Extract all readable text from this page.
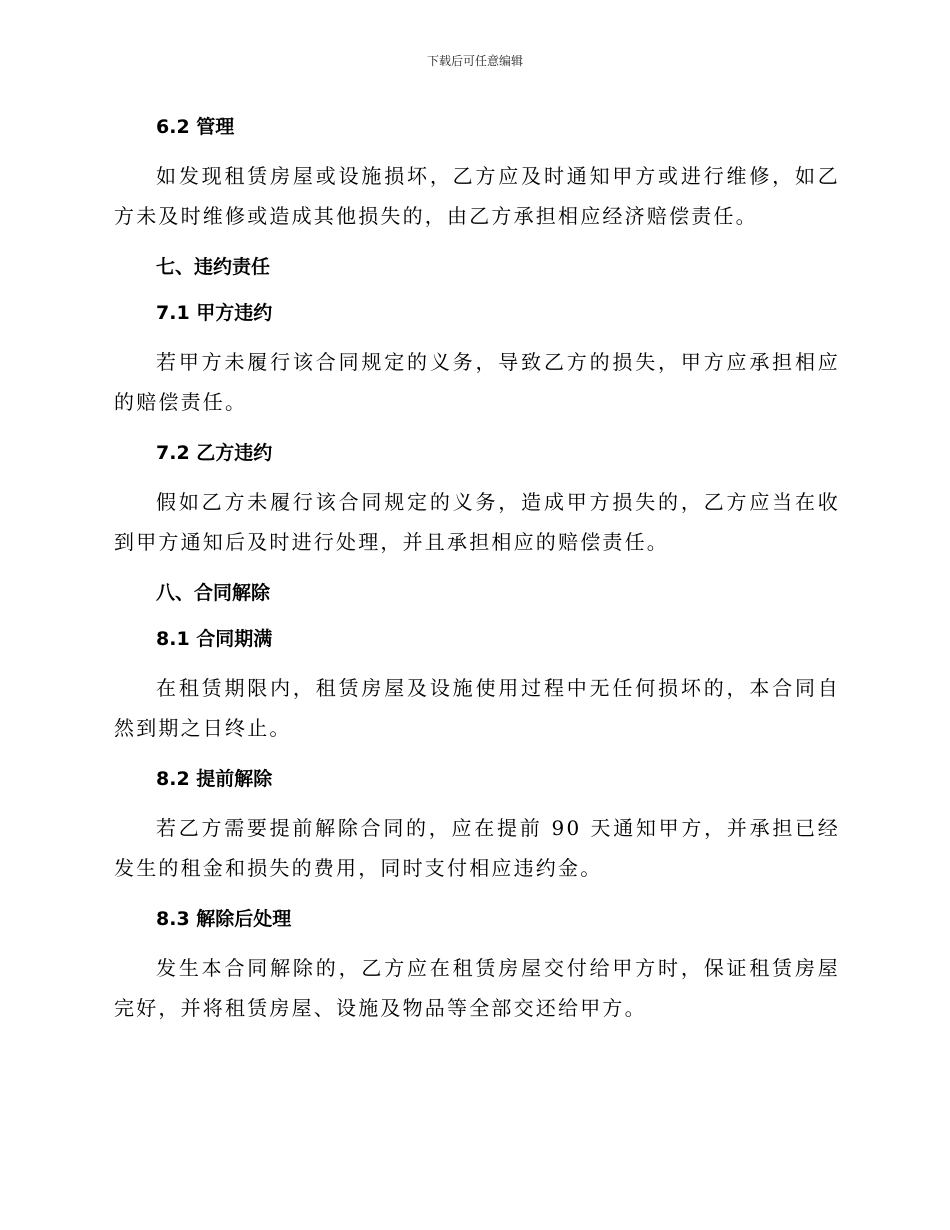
下载后可任意编辑
6.2 管理

如发现租赁房屋或设施损坏，乙方应及时通知甲方或进行维修，如乙方未及时维修或造成其他损失的，由乙方承担相应经济赔偿责任。

七、违约责任
7.1 甲方违约

若甲方未履行该合同规定的义务，导致乙方的损失，甲方应承担相应的赔偿责任。

7.2 乙方违约

假如乙方未履行该合同规定的义务，造成甲方损失的，乙方应当在收到甲方通知后及时进行处理，并且承担相应的赔偿责任。

八、合同解除
8.1 合同期满

在租赁期限内，租赁房屋及设施使用过程中无任何损坏的，本合同自然到期之日终止。

8.2 提前解除

若乙方需要提前解除合同的，应在提前 90 天通知甲方，并承担已经发生的租金和损失的费用，同时支付相应违约金。

8.3 解除后处理

发生本合同解除的，乙方应在租赁房屋交付给甲方时，保证租赁房屋完好，并将租赁房屋、设施及物品等全部交还给甲方。
